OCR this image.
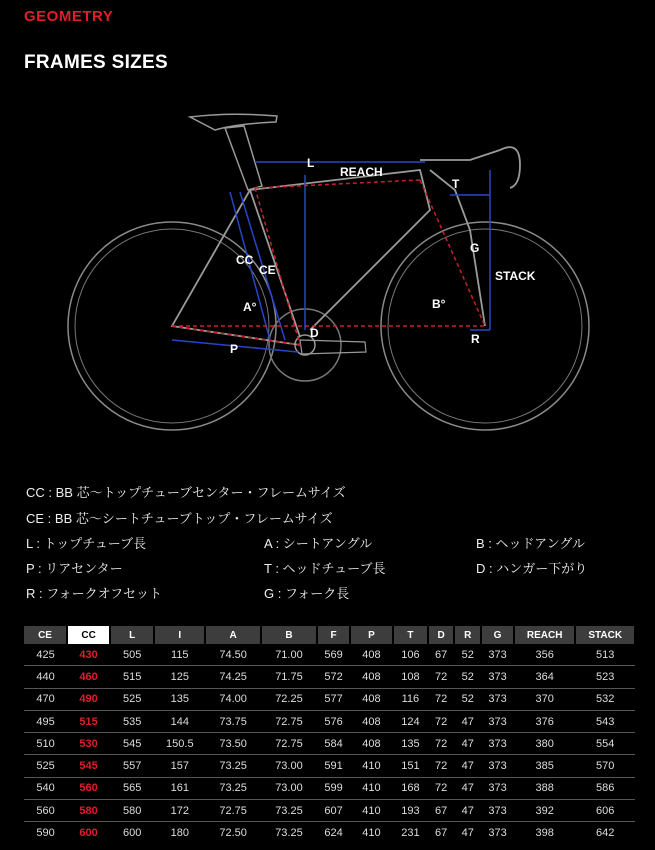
GEOMETRY
FRAMES SIZES
L
REACH
T
G
STACK
CC
CE
A°	B°
D
P
R
CC : BB 芯～トップチューブセンター・フレームサイズ
CE : BB 芯～シートチューブトップ・フレームサイズ
L : トップチューブ長	A : シートアングル	B : ヘッドアングル
P : リアセンター	T : ヘッドチューブ長	D : ハンガー下がり
R : フォークオフセット	G : フォーク長
CE	CC	L	I	A	B	F	P	T	D	R	G	REACH	STACK
425	430	505	115	74.50	71.00	569	408	106	67	52	373	356	513
440	460	515	125	74.25	71.75	572	408	108	72	52	373	364	523
470	490	525	135	74.00	72.25	577	408	116	72	52	373	370	532
495	515	535	144	73.75	72.75	576	408	124	72	47	373	376	543
510	530	545	150.5	73.50	72.75	584	408	135	72	47	373	380	554
525	545	557	157	73.25	73.00	591	410	151	72	47	373	385	570
540	560	565	161	73.25	73.00	599	410	168	72	47	373	388	586
560	580	580	172	72.75	73.25	607	410	193	67	47	373	392	606
590	600	600	180	72.50	73.25	624	410	231	67	47	373	398	642
